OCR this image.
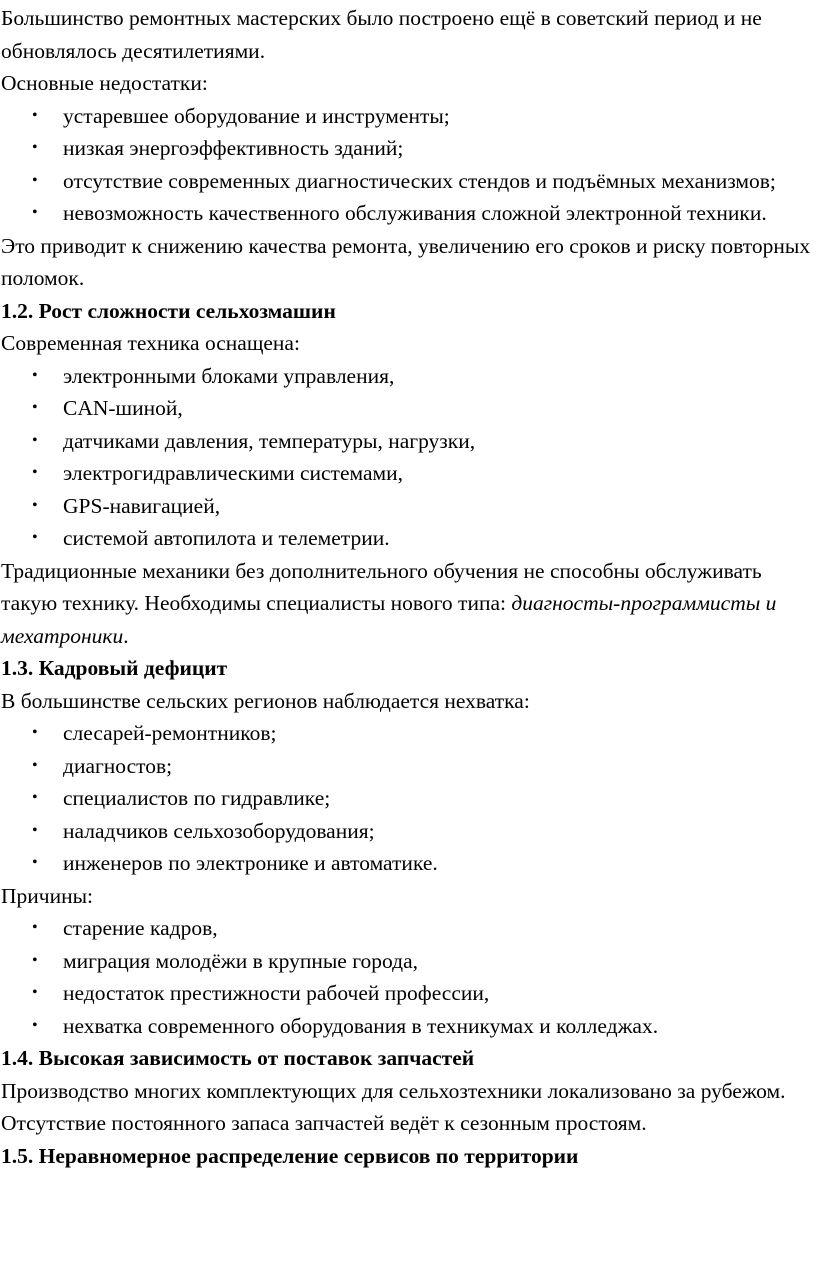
Большинство ремонтных мастерских было построено ещё в советский период и не обновлялось десятилетиями.

Основные недостатки:

• устаревшее оборудование и инструменты;
• низкая энергоэффективность зданий;
• отсутствие современных диагностических стендов и подъёмных механизмов;
• невозможность качественного обслуживания сложной электронной техники.

Это приводит к снижению качества ремонта, увеличению его сроков и риску повторных поломок.

1.2. Рост сложности сельхозмашин

Современная техника оснащена:

• электронными блоками управления,
• CAN-шиной,
• датчиками давления, температуры, нагрузки,
• электрогидравлическими системами,
• GPS-навигацией,
• системой автопилота и телеметрии.

Традиционные механики без дополнительного обучения не способны обслуживать такую технику. Необходимы специалисты нового типа: диагносты-программисты и мехатроники.

1.3. Кадровый дефицит

В большинстве сельских регионов наблюдается нехватка:

• слесарей-ремонтников;
• диагностов;
• специалистов по гидравлике;
• наладчиков сельхозоборудования;
• инженеров по электронике и автоматике.

Причины:

• старение кадров,
• миграция молодёжи в крупные города,
• недостаток престижности рабочей профессии,
• нехватка современного оборудования в техникумах и колледжах.
1.4. Высокая зависимость от поставок запчастей

Производство многих комплектующих для сельхозтехники локализовано за рубежом.

Отсутствие постоянного запаса запчастей ведёт к сезонным простоям.

1.5. Неравномерное распределение сервисов по территории
